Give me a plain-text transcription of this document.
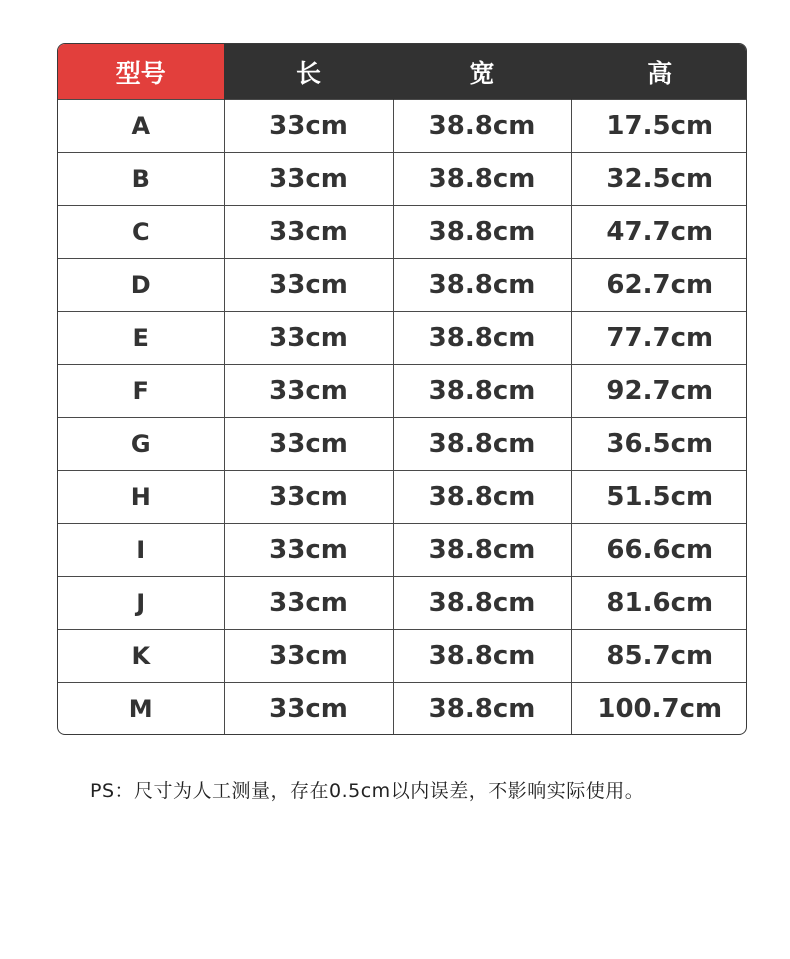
型号	长	宽	高
A	33cm	38.8cm	17.5cm
B	33cm	38.8cm	32.5cm
C	33cm	38.8cm	47.7cm
D	33cm	38.8cm	62.7cm
E	33cm	38.8cm	77.7cm
F	33cm	38.8cm	92.7cm
G	33cm	38.8cm	36.5cm
H	33cm	38.8cm	51.5cm
I	33cm	38.8cm	66.6cm
J	33cm	38.8cm	81.6cm
K	33cm	38.8cm	85.7cm
M	33cm	38.8cm	100.7cm
PS：尺寸为人工测量，存在0.5cm以内误差，不影响实际使用。
